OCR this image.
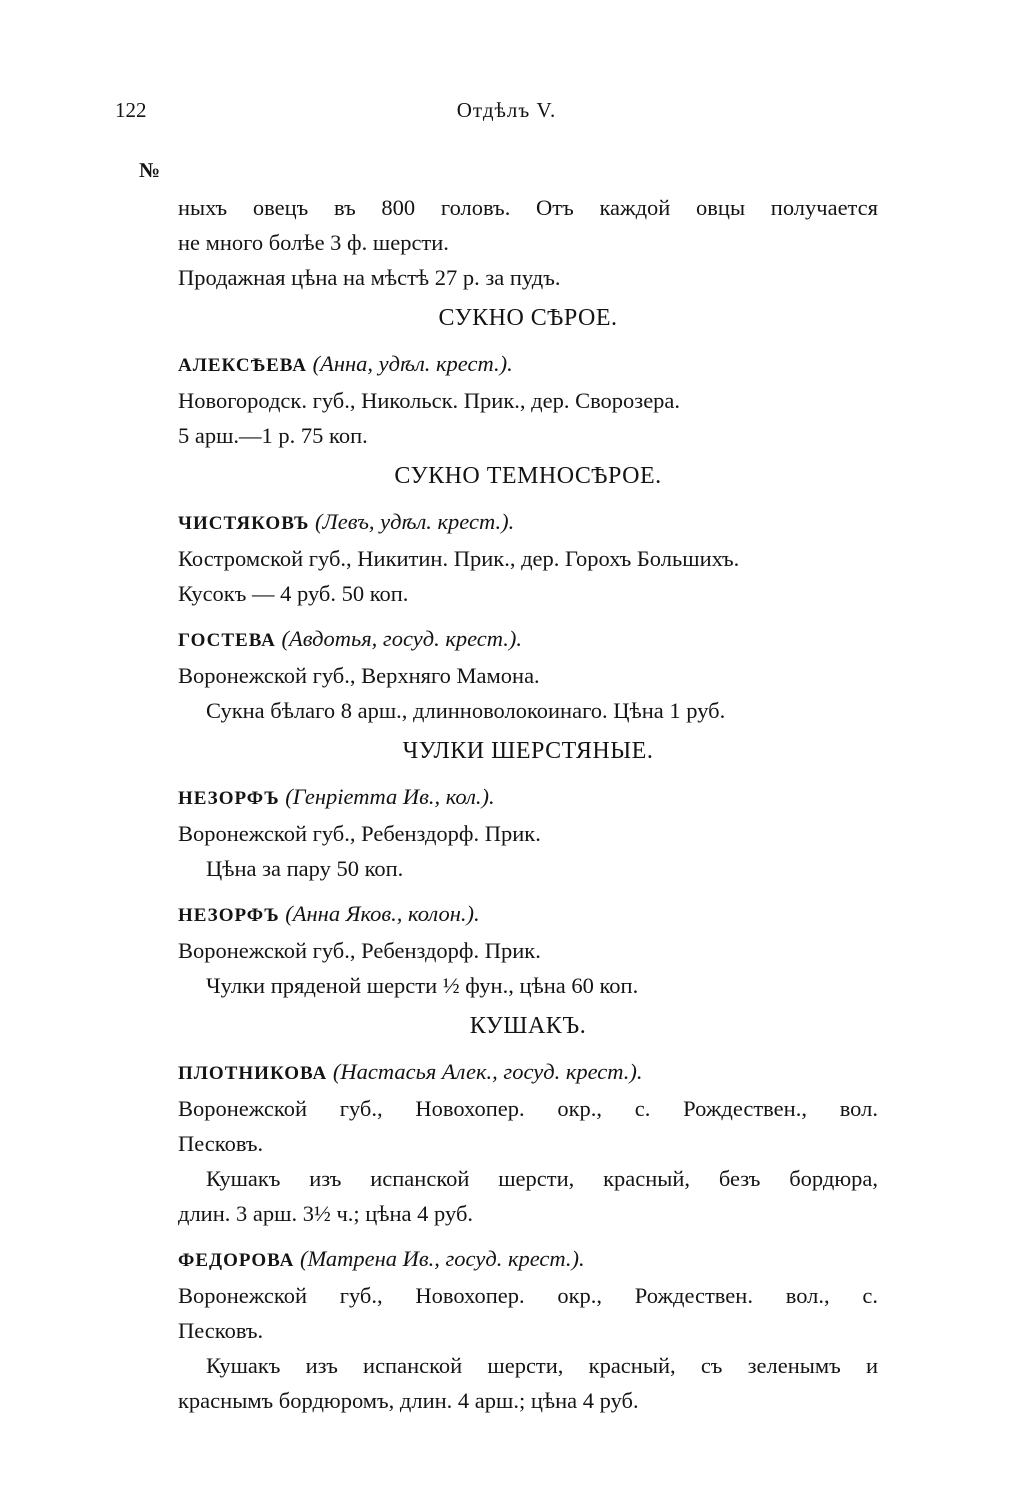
122	Отдѣлъ V.
№

ныхъ овецъ въ 800 головъ. Отъ каждой овцы получается

не много болѣе 3 ф. шерсти.

Продажная цѣна на мѣстѣ 27 р. за пудъ.

СУКНО СѢРОЕ.

АЛЕКСѢЕВА (Анна, удѣл. крест.).

Новогородск. губ., Никольск. Прик., дер. Сворозера.

5 арш.—1 р. 75 коп.

СУКНО ТЕМНОСѢРОЕ.

ЧИСТЯКОВЪ (Левъ, удѣл. крест.).

Костромской губ., Никитин. Прик., дер. Горохъ Большихъ.

Кусокъ — 4 руб. 50 коп.

ГОСТЕВА (Авдотья, госуд. крест.).

Воронежской губ., Верхняго Мамона.

Сукна бѣлаго 8 арш., длинноволокоинаго. Цѣна 1 руб.

ЧУЛКИ ШЕРСТЯНЫЕ.

НЕЗОРФЪ (Генріетта Ив., кол.).

Воронежской губ., Ребенздорф. Прик.

Цѣна за пару 50 коп.

НЕЗОРФЪ (Анна Яков., колон.).

Воронежской губ., Ребенздорф. Прик.

Чулки пряденой шерсти ½ фун., цѣна 60 коп.

КУШАКЪ.

ПЛОТНИКОВА (Настасья Алек., госуд. крест.).

Воронежской губ., Новохопер. окр., с. Рождествен., вол.

Песковъ.

Кушакъ изъ испанской шерсти, красный, безъ бордюра,

длин. 3 арш. 3½ ч.; цѣна 4 руб.

ФЕДОРОВА (Матрена Ив., госуд. крест.).

Воронежской губ., Новохопер. окр., Рождествен. вол., с.

Песковъ.

Кушакъ изъ испанской шерсти, красный, съ зеленымъ и

краснымъ бордюромъ, длин. 4 арш.; цѣна 4 руб.
